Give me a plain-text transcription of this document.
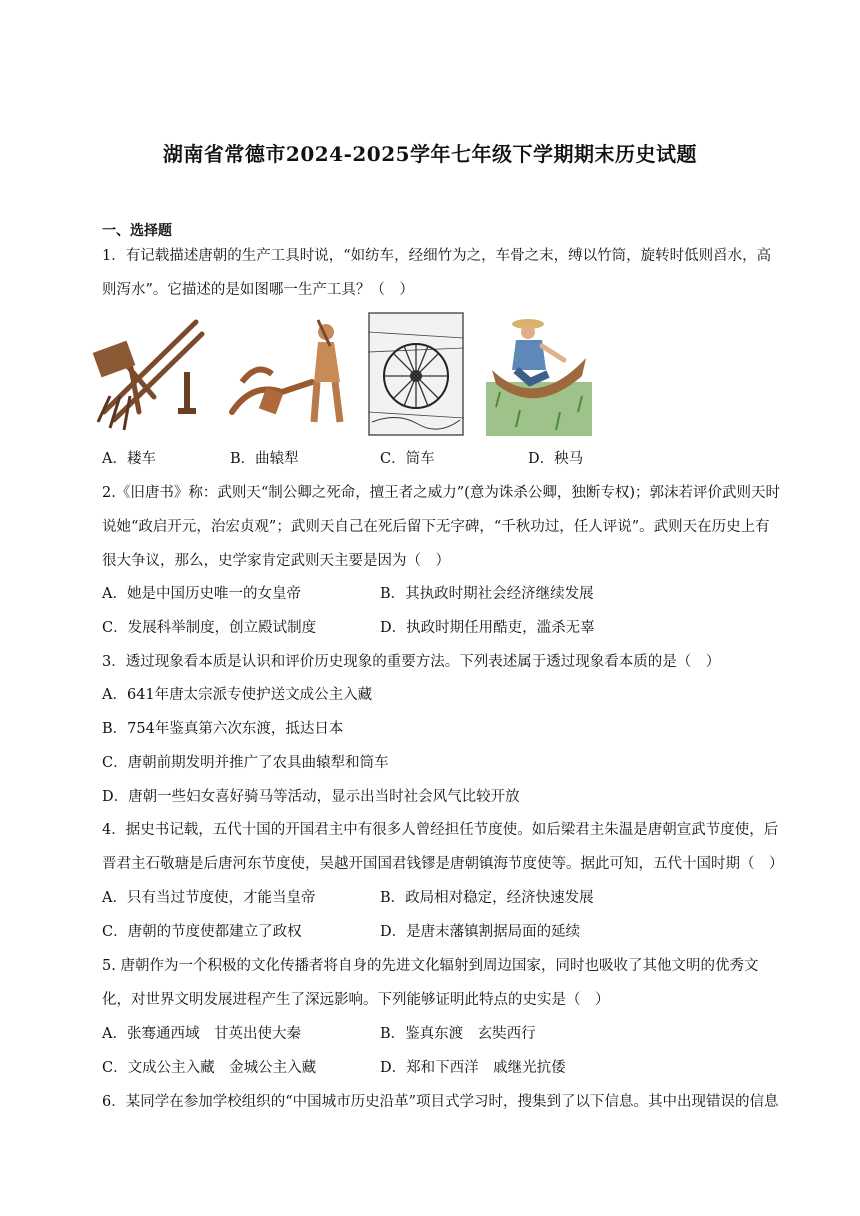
湖南省常德市2024-2025学年七年级下学期期末历史试题
一、选择题
1．有记载描述唐朝的生产工具时说，“如纺车，经细竹为之，车骨之末，缚以竹筒，旋转时低则舀水，高则泻水”。它描述的是如图哪一生产工具？（　）
A．耧车	B．曲辕犁	C．筒车	D．秧马
2.《旧唐书》称：武则天“制公卿之死命，擅王者之威力”(意为诛杀公卿，独断专权)；郭沫若评价武则天时说她“政启开元，治宏贞观”；武则天自己在死后留下无字碑，“千秋功过，任人评说”。武则天在历史上有很大争议，那么，史学家肯定武则天主要是因为（　）
A．她是中国历史唯一的女皇帝	B．其执政时期社会经济继续发展
C．发展科举制度，创立殿试制度	D．执政时期任用酷吏，滥杀无辜
3．透过现象看本质是认识和评价历史现象的重要方法。下列表述属于透过现象看本质的是（　）
A．641年唐太宗派专使护送文成公主入藏
B．754年鉴真第六次东渡，抵达日本
C．唐朝前期发明并推广了农具曲辕犁和筒车
D．唐朝一些妇女喜好骑马等活动，显示出当时社会风气比较开放
4．据史书记载，五代十国的开国君主中有很多人曾经担任节度使。如后梁君主朱温是唐朝宣武节度使，后晋君主石敬瑭是后唐河东节度使，吴越开国国君钱镠是唐朝镇海节度使等。据此可知，五代十国时期（　）
A．只有当过节度使，才能当皇帝	B．政局相对稳定，经济快速发展
C．唐朝的节度使都建立了政权	D．是唐末藩镇割据局面的延续
5. 唐朝作为一个积极的文化传播者将自身的先进文化辐射到周边国家，同时也吸收了其他文明的优秀文化，对世界文明发展进程产生了深远影响。下列能够证明此特点的史实是（　）
A．张骞通西域　甘英出使大秦	B．鉴真东渡　玄奘西行
C．文成公主入藏　金城公主入藏	D．郑和下西洋　戚继光抗倭
6．某同学在参加学校组织的“中国城市历史沿革”项目式学习时，搜集到了以下信息。其中出现错误的信息
